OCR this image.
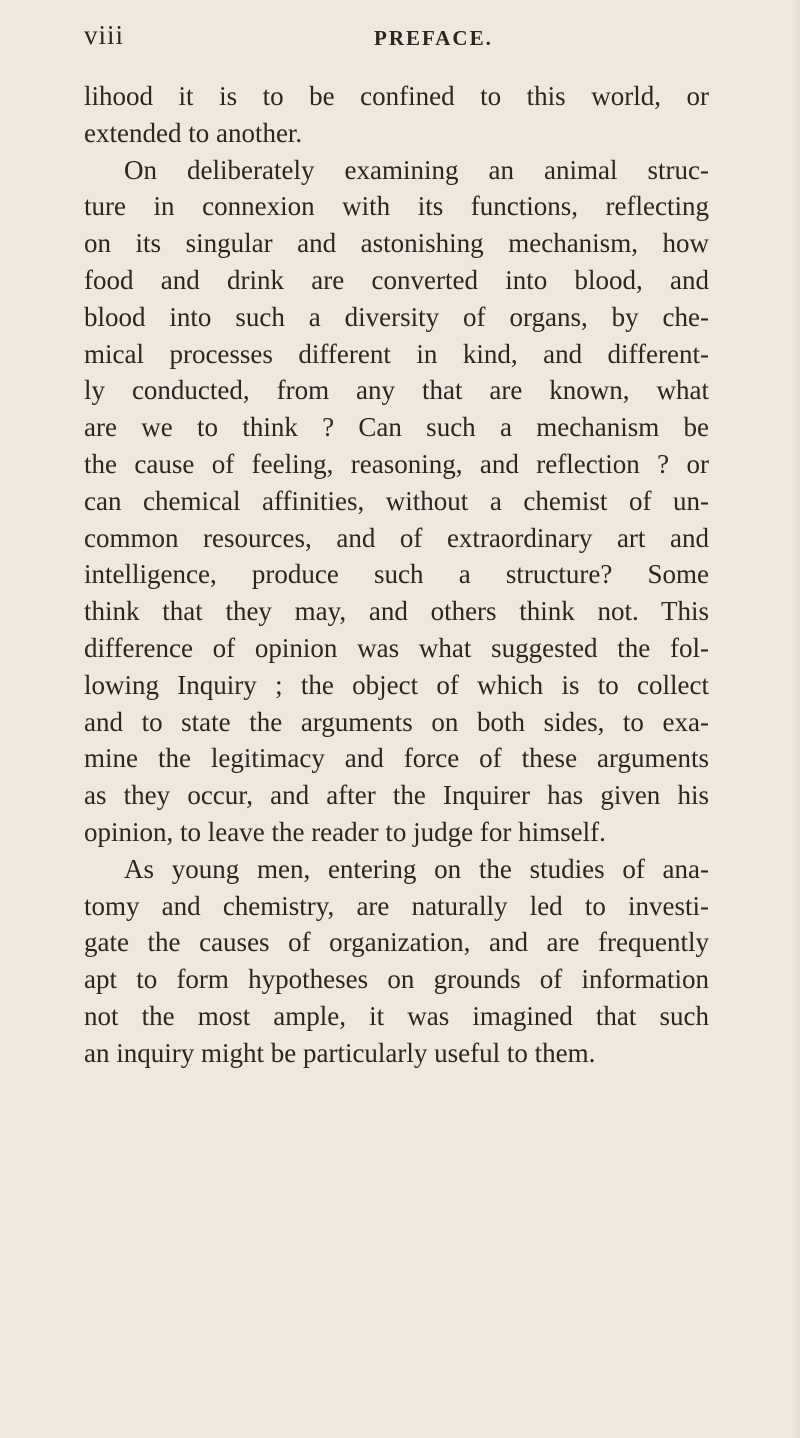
viii	PREFACE.
lihood it is to be confined to this world, or
extended to another.
On deliberately examining an animal struc-
ture in connexion with its functions, reflecting
on its singular and astonishing mechanism, how
food and drink are converted into blood, and
blood into such a diversity of organs, by che-
mical processes different in kind, and different-
ly conducted, from any that are known, what
are we to think ? Can such a mechanism be
the cause of feeling, reasoning, and reflection ? or
can chemical affinities, without a chemist of un-
common resources, and of extraordinary art and
intelligence, produce such a structure? Some
think that they may, and others think not. This
difference of opinion was what suggested the fol-
lowing Inquiry ; the object of which is to collect
and to state the arguments on both sides, to exa-
mine the legitimacy and force of these arguments
as they occur, and after the Inquirer has given his
opinion, to leave the reader to judge for himself.
As young men, entering on the studies of ana-
tomy and chemistry, are naturally led to investi-
gate the causes of organization, and are frequently
apt to form hypotheses on grounds of information
not the most ample, it was imagined that such
an inquiry might be particularly useful to them.
